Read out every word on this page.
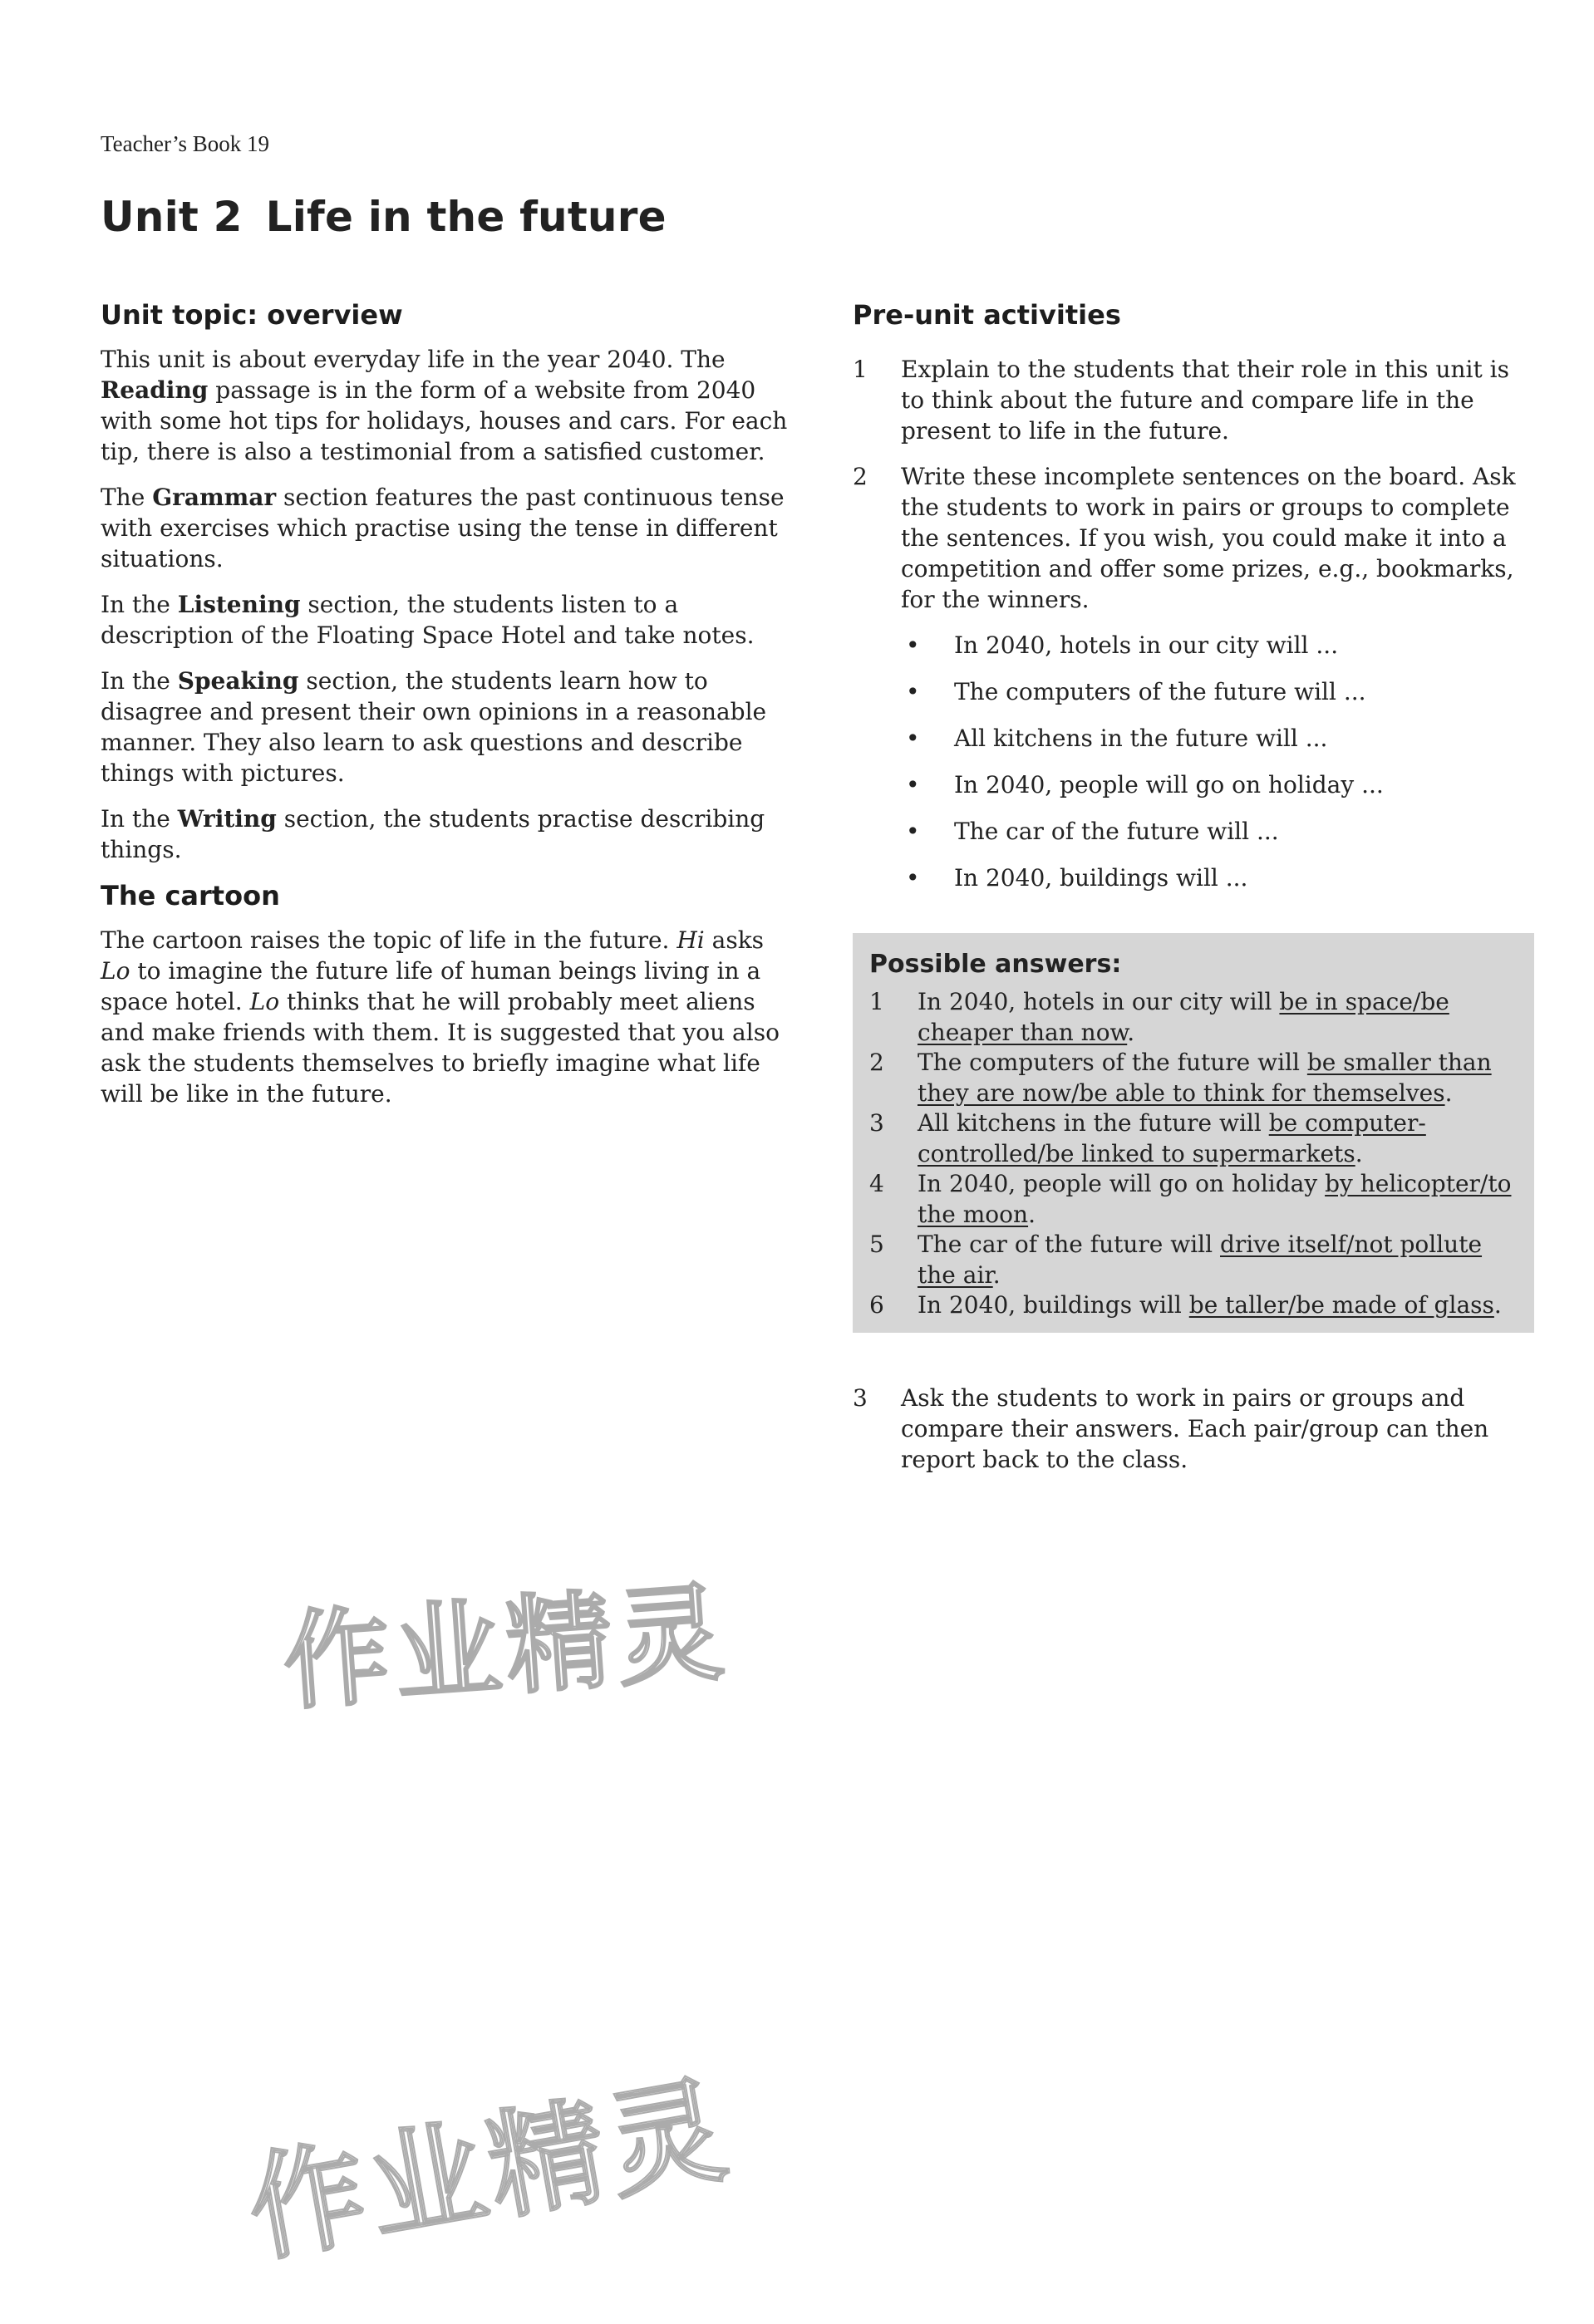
Teacher’s Book 19
Unit 2 Life in the future
Unit topic: overview

This unit is about everyday life in the year 2040. The Reading passage is in the form of a website from 2040 with some hot tips for holidays, houses and cars. For each tip, there is also a testimonial from a satisfied customer.

The Grammar section features the past continuous tense with exercises which practise using the tense in different situations.

In the Listening section, the students listen to a description of the Floating Space Hotel and take notes.

In the Speaking section, the students learn how to disagree and present their own opinions in a reasonable manner. They also learn to ask questions and describe things with pictures.

In the Writing section, the students practise describing things.

The cartoon

The cartoon raises the topic of life in the future. Hi asks Lo to imagine the future life of human beings living in a space hotel. Lo thinks that he will probably meet aliens and make friends with them. It is suggested that you also ask the students themselves to briefly imagine what life will be like in the future.

Pre-unit activities
1	Explain to the students that their role in this unit is to think about the future and compare life in the present to life in the future.
2	Write these incomplete sentences on the board. Ask the students to work in pairs or groups to complete the sentences. If you wish, you could make it into a competition and offer some prizes, e.g., bookmarks, for the winners.
•	In 2040, hotels in our city will ...
•	The computers of the future will ...
•	All kitchens in the future will ...
•	In 2040, people will go on holiday ...
•	The car of the future will ...
•	In 2040, buildings will ...
Possible answers:
1	In 2040, hotels in our city will be in space/be cheaper than now.
2	The computers of the future will be smaller than they are now/be able to think for themselves.
3	All kitchens in the future will be computer-controlled/be linked to supermarkets.
4	In 2040, people will go on holiday by helicopter/to the moon.
5	The car of the future will drive itself/not pollute the air.
6	In 2040, buildings will be taller/be made of glass.
3	Ask the students to work in pairs or groups and compare their answers. Each pair/group can then report back to the class.
作业精灵
作业精灵
